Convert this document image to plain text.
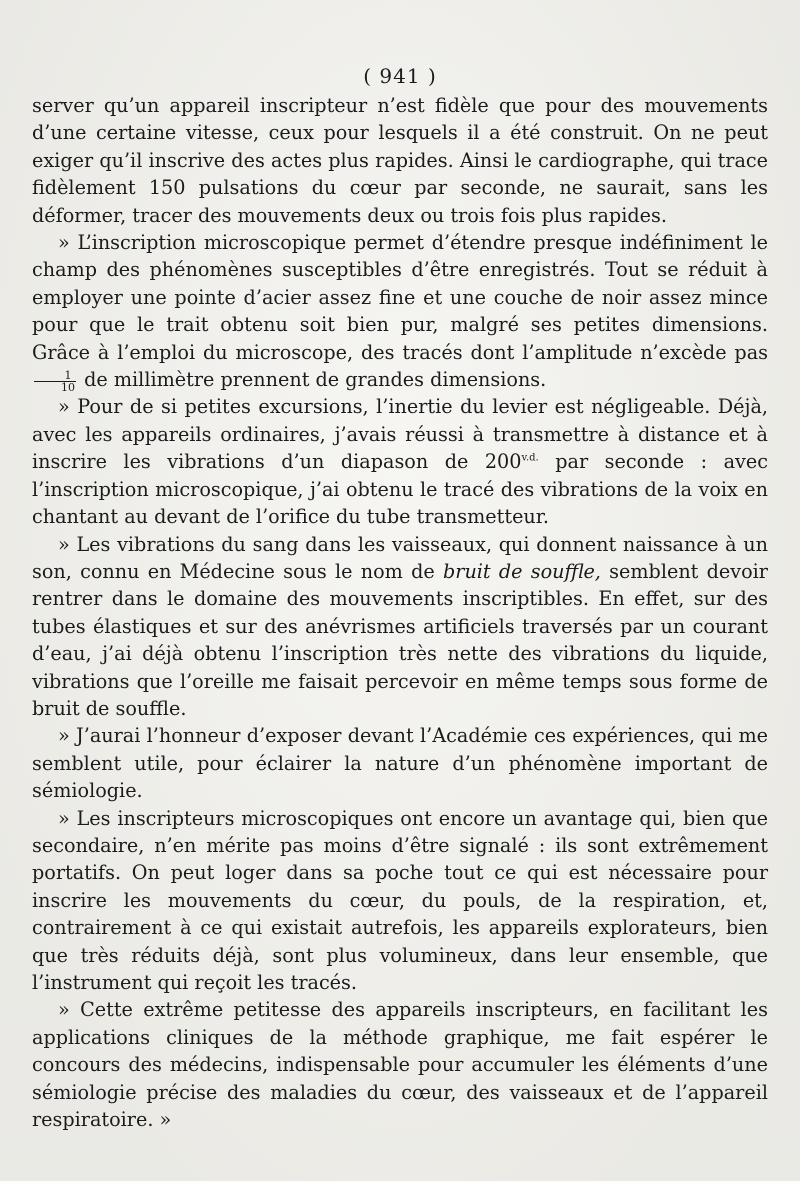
( 941 )

server qu’un appareil inscripteur n’est fidèle que pour des mouvements d’une certaine vitesse, ceux pour lesquels il a été construit. On ne peut exiger qu’il inscrive des actes plus rapides. Ainsi le cardiographe, qui trace fidèlement 150 pulsations du cœur par seconde, ne saurait, sans les déformer, tracer des mouvements deux ou trois fois plus rapides.

» L’inscription microscopique permet d’étendre presque indéfiniment le champ des phénomènes susceptibles d’être enregistrés. Tout se réduit à employer une pointe d’acier assez fine et une couche de noir assez mince pour que le trait obtenu soit bien pur, malgré ses petites dimensions. Grâce à l’emploi du microscope, des tracés dont l’amplitude n’excède pas
$\frac{1}{10}$ de millimètre prennent de grandes dimensions.

» Pour de si petites excursions, l’inertie du levier est négligeable. Déjà, avec les appareils ordinaires, j’avais réussi à transmettre à distance et à inscrire les vibrations d’un diapason de $200^{v.d.}$ par seconde : avec l’inscription microscopique, j’ai obtenu le tracé des vibrations de la voix en chantant au devant de l’orifice du tube transmetteur.

» Les vibrations du sang dans les vaisseaux, qui donnent naissance à un son, connu en Médecine sous le nom de bruit de souffle, semblent devoir rentrer dans le domaine des mouvements inscriptibles. En effet, sur des tubes élastiques et sur des anévrismes artificiels traversés par un courant d’eau, j’ai déjà obtenu l’inscription très nette des vibrations du liquide, vibrations que l’oreille me faisait percevoir en même temps sous forme de bruit de souffle.

» J’aurai l’honneur d’exposer devant l’Académie ces expériences, qui me semblent utile, pour éclairer la nature d’un phénomène important de sémiologie.

» Les inscripteurs microscopiques ont encore un avantage qui, bien que secondaire, n’en mérite pas moins d’être signalé : ils sont extrêmement portatifs. On peut loger dans sa poche tout ce qui est nécessaire pour inscrire les mouvements du cœur, du pouls, de la respiration, et, contrairement à ce qui existait autrefois, les appareils explorateurs, bien que très réduits déjà, sont plus volumineux, dans leur ensemble, que l’instrument qui reçoit les tracés.

» Cette extrême petitesse des appareils inscripteurs, en facilitant les applications cliniques de la méthode graphique, me fait espérer le concours des médecins, indispensable pour accumuler les éléments d’une sémiologie précise des maladies du cœur, des vaisseaux et de l’appareil respiratoire. »
